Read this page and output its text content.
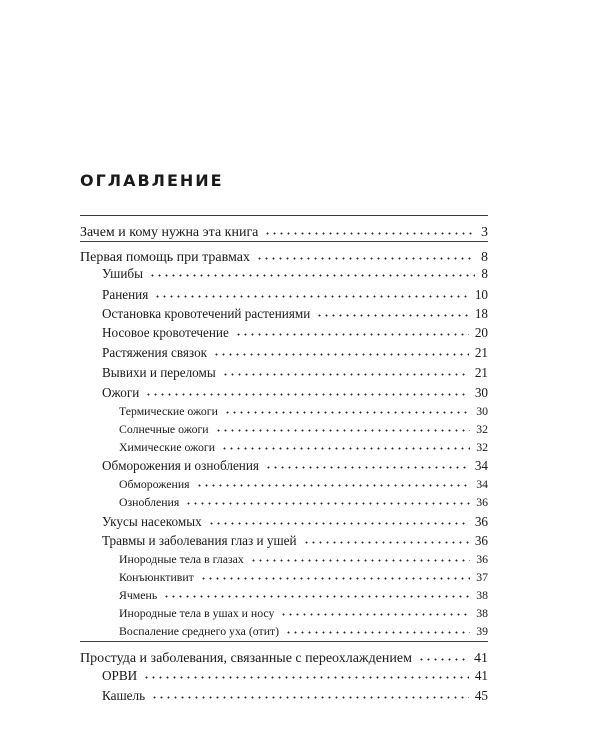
ОГЛАВЛЕНИЕ
Зачем и кому нужна эта книга	3
Первая помощь при травмах	8
Ушибы	8
Ранения	10
Остановка кровотечений растениями	18
Носовое кровотечение	20
Растяжения связок	21
Вывихи и переломы	21
Ожоги	30
Термические ожоги	30
Солнечные ожоги	32
Химические ожоги	32
Обморожения и ознобления	34
Обморожения	34
Ознобления	36
Укусы насекомых	36
Травмы и заболевания глаз и ушей	36
Инородные тела в глазах	36
Конъюнктивит	37
Ячмень	38
Инородные тела в ушах и носу	38
Воспаление среднего уха (отит)	39
Простуда и заболевания, связанные с переохлаждением	41
ОРВИ	41
Кашель	45
